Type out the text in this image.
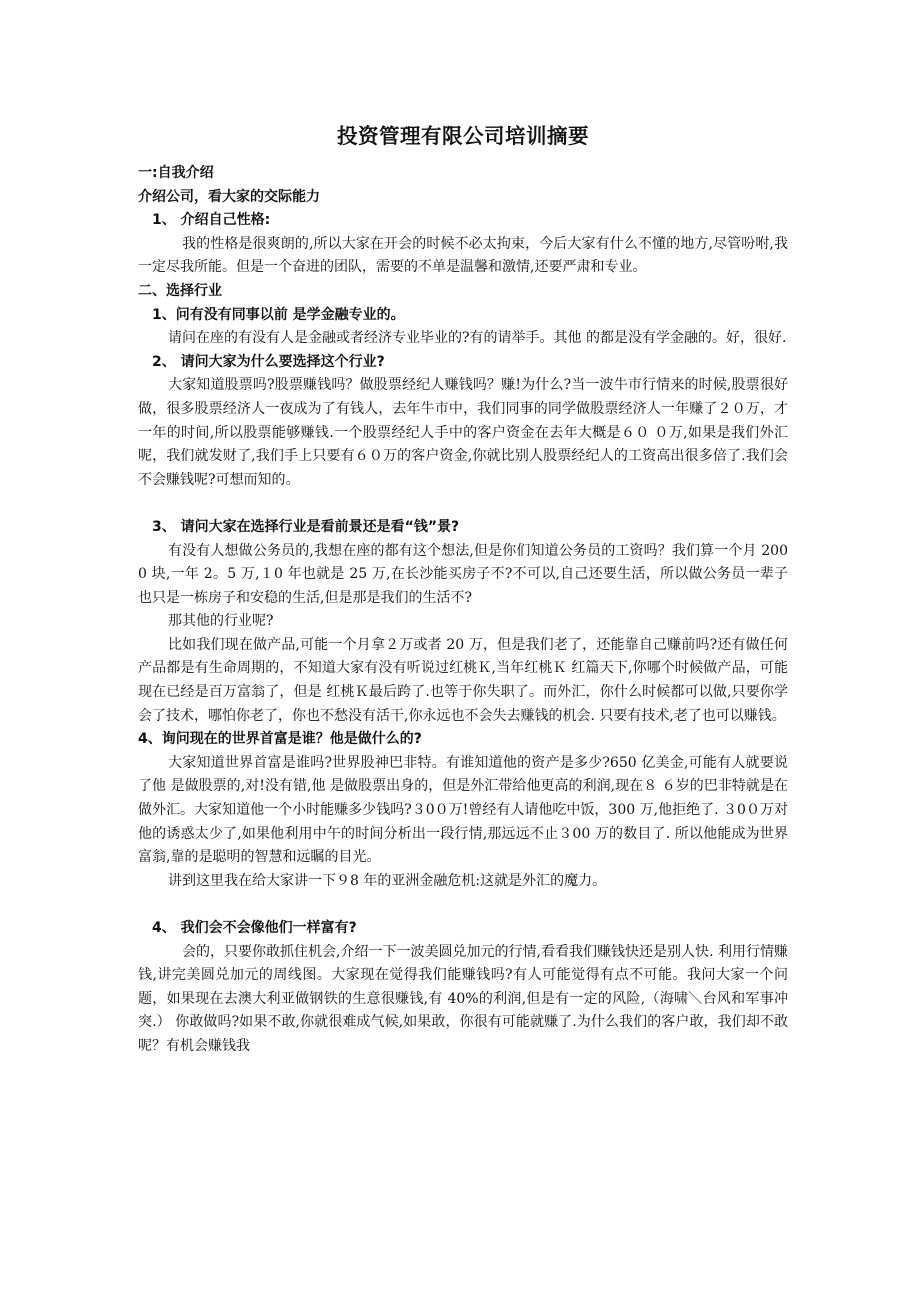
投资管理有限公司培训摘要
一:自我介绍
介绍公司，看大家的交际能力
1、 介绍自己性格:
我的性格是很爽朗的,所以大家在开会的时候不必太拘束，今后大家有什么不懂的地方,尽管吩咐,我一定尽我所能。但是一个奋进的团队，需要的不单是温馨和激情,还要严肃和专业。
二、选择行业
1、问有没有同事以前 是学金融专业的。
请问在座的有没有人是金融或者经济专业毕业的?有的请举手。其他 的都是没有学金融的。好，很好.
2、 请问大家为什么要选择这个行业?
大家知道股票吗?股票赚钱吗？做股票经纪人赚钱吗？赚!为什么?当一波牛市行情来的时候,股票很好做，很多股票经济人一夜成为了有钱人，去年牛市中，我们同事的同学做股票经济人一年赚了２０万，才一年的时间,所以股票能够赚钱.一个股票经纪人手中的客户资金在去年大概是６０ ０万,如果是我们外汇呢，我们就发财了,我们手上只要有６０万的客户资金,你就比别人股票经纪人的工资高出很多倍了.我们会不会赚钱呢?可想而知的。
3、 请问大家在选择行业是看前景还是看“钱”景?
有没有人想做公务员的,我想在座的都有这个想法,但是你们知道公务员的工资吗？我们算一个月 2000 块,一年 2。5 万,１0 年也就是 25 万,在长沙能买房子不?不可以,自己还要生活，所以做公务员一辈子也只是一栋房子和安稳的生活,但是那是我们的生活不?
那其他的行业呢?
比如我们现在做产品,可能一个月拿２万或者 20 万，但是我们老了，还能靠自己赚前吗?还有做任何产品都是有生命周期的，不知道大家有没有听说过红桃Ｋ,当年红桃Ｋ 红篇天下,你哪个时候做产品，可能现在已经是百万富翁了，但是 红桃Ｋ最后跨了.也等于你失职了。而外汇，你什么时候都可以做,只要你学会了技术，哪怕你老了，你也不愁没有活干,你永远也不会失去赚钱的机会. 只要有技术,老了也可以赚钱。
4、询问现在的世界首富是谁？他是做什么的?
大家知道世界首富是谁吗?世界股神巴非特。有谁知道他的资产是多少?650 亿美金,可能有人就要说了他 是做股票的,对!没有错,他 是做股票出身的，但是外汇带给他更高的利润,现在８ ６岁的巴非特就是在做外汇。大家知道他一个小时能赚多少钱吗?３0０万!曾经有人请他吃中饭，300 万,他拒绝了. ３0０万对他的诱惑太少了,如果他利用中午的时间分析出一段行情,那远远不止３00 万的数目了. 所以他能成为世界富翁,靠的是聪明的智慧和远瞩的目光。
讲到这里我在给大家讲一下９8 年的亚洲金融危机:这就是外汇的魔力。
4、 我们会不会像他们一样富有?
会的，只要你敢抓住机会,介绍一下一波美圆兑加元的行情,看看我们赚钱快还是别人快. 利用行情赚钱,讲完美圆兑加元的周线图。大家现在觉得我们能赚钱吗?有人可能觉得有点不可能。我问大家一个问题，如果现在去澳大利亚做钢铁的生意很赚钱,有 40%的利润,但是有一定的风险,（海啸＼台风和军事冲突.） 你敢做吗?如果不敢,你就很难成气候,如果敢，你很有可能就赚了.为什么我们的客户敢，我们却不敢呢？有机会赚钱我
